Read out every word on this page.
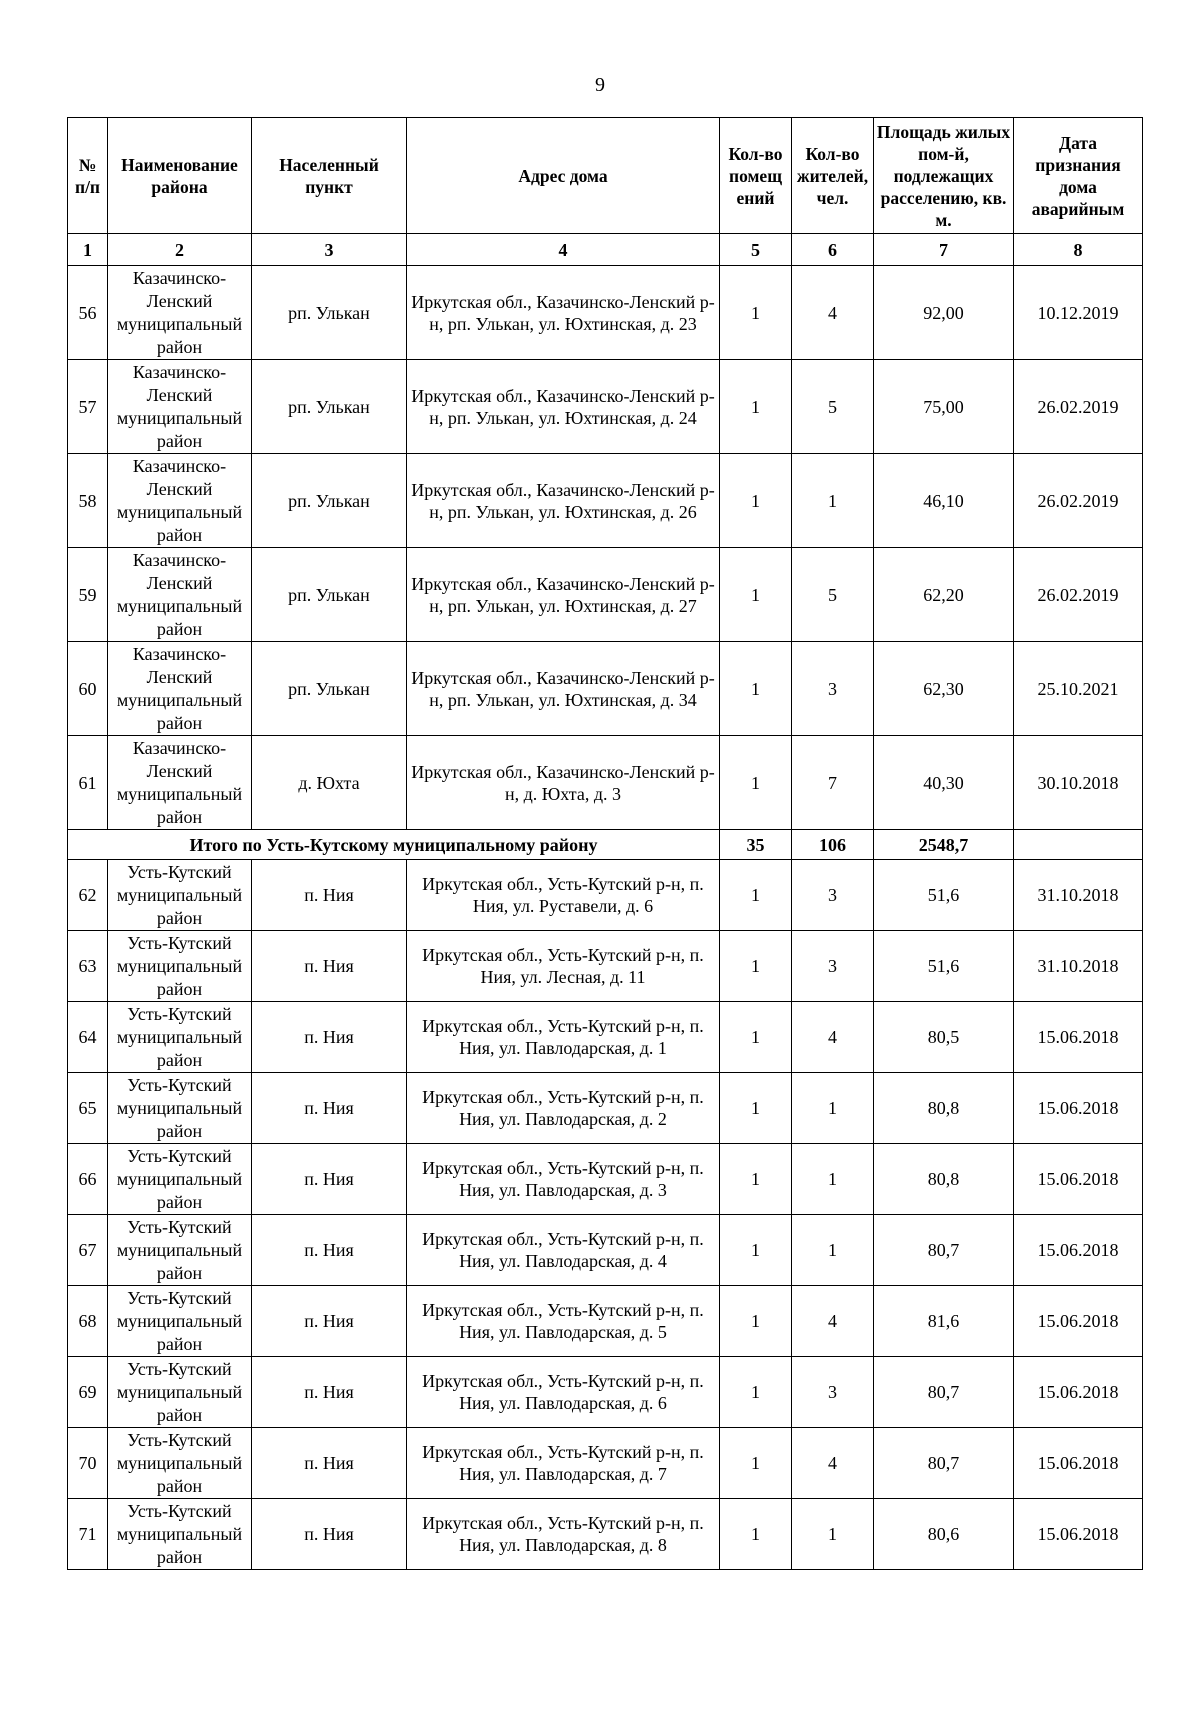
9
№ п/п	Наименование района	Населенный пункт	Адрес дома	Кол-во помещ ений	Кол-во жителей, чел.	Площадь жилых пом-й, подлежащих расселению, кв. м.	Дата признания дома аварийным
1	2	3	4	5	6	7	8
56	Казачинско-Ленский муниципальный район	рп. Улькан	Иркутская обл., Казачинско-Ленский р-н, рп. Улькан, ул. Юхтинская, д. 23	1	4	92,00	10.12.2019
57	Казачинско-Ленский муниципальный район	рп. Улькан	Иркутская обл., Казачинско-Ленский р-н, рп. Улькан, ул. Юхтинская, д. 24	1	5	75,00	26.02.2019
58	Казачинско-Ленский муниципальный район	рп. Улькан	Иркутская обл., Казачинско-Ленский р-н, рп. Улькан, ул. Юхтинская, д. 26	1	1	46,10	26.02.2019
59	Казачинско-Ленский муниципальный район	рп. Улькан	Иркутская обл., Казачинско-Ленский р-н, рп. Улькан, ул. Юхтинская, д. 27	1	5	62,20	26.02.2019
60	Казачинско-Ленский муниципальный район	рп. Улькан	Иркутская обл., Казачинско-Ленский р-н, рп. Улькан, ул. Юхтинская, д. 34	1	3	62,30	25.10.2021
61	Казачинско-Ленский муниципальный район	д. Юхта	Иркутская обл., Казачинско-Ленский р-н, д. Юхта, д. 3	1	7	40,30	30.10.2018
Итого по Усть-Кутскому муниципальному району				35	106	2548,7	
62	Усть-Кутский муниципальный район	п. Ния	Иркутская обл., Усть-Кутский р-н, п. Ния, ул. Руставели, д. 6	1	3	51,6	31.10.2018
63	Усть-Кутский муниципальный район	п. Ния	Иркутская обл., Усть-Кутский р-н, п. Ния, ул. Лесная, д. 11	1	3	51,6	31.10.2018
64	Усть-Кутский муниципальный район	п. Ния	Иркутская обл., Усть-Кутский р-н, п. Ния, ул. Павлодарская, д. 1	1	4	80,5	15.06.2018
65	Усть-Кутский муниципальный район	п. Ния	Иркутская обл., Усть-Кутский р-н, п. Ния, ул. Павлодарская, д. 2	1	1	80,8	15.06.2018
66	Усть-Кутский муниципальный район	п. Ния	Иркутская обл., Усть-Кутский р-н, п. Ния, ул. Павлодарская, д. 3	1	1	80,8	15.06.2018
67	Усть-Кутский муниципальный район	п. Ния	Иркутская обл., Усть-Кутский р-н, п. Ния, ул. Павлодарская, д. 4	1	1	80,7	15.06.2018
68	Усть-Кутский муниципальный район	п. Ния	Иркутская обл., Усть-Кутский р-н, п. Ния, ул. Павлодарская, д. 5	1	4	81,6	15.06.2018
69	Усть-Кутский муниципальный район	п. Ния	Иркутская обл., Усть-Кутский р-н, п. Ния, ул. Павлодарская, д. 6	1	3	80,7	15.06.2018
70	Усть-Кутский муниципальный район	п. Ния	Иркутская обл., Усть-Кутский р-н, п. Ния, ул. Павлодарская, д. 7	1	4	80,7	15.06.2018
71	Усть-Кутский муниципальный район	п. Ния	Иркутская обл., Усть-Кутский р-н, п. Ния, ул. Павлодарская, д. 8	1	1	80,6	15.06.2018
